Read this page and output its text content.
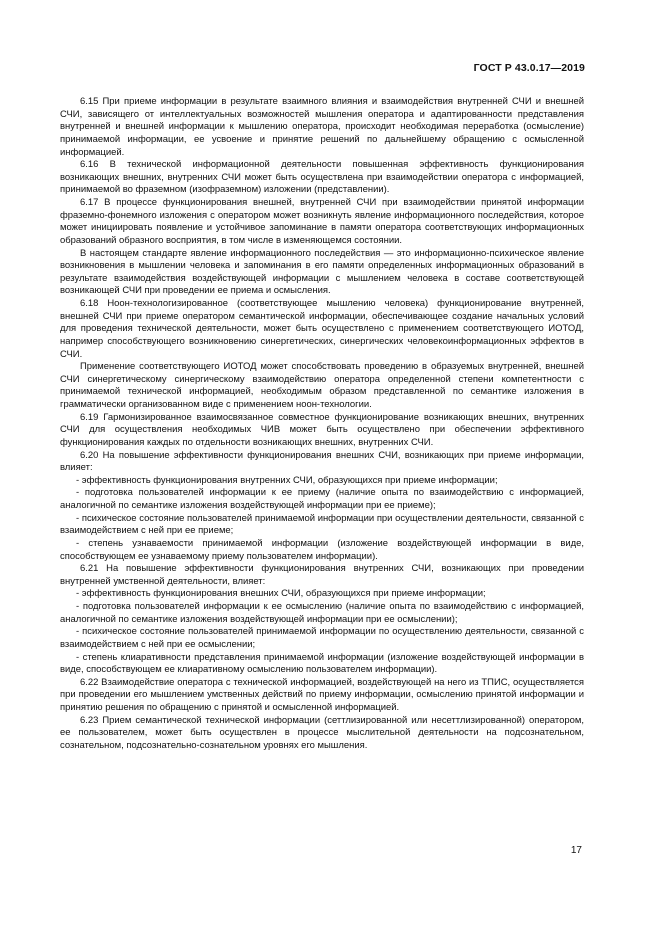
ГОСТ Р 43.0.17—2019

6.15 При приеме информации в результате взаимного влияния и взаимодействия внутренней СЧИ и внешней СЧИ, зависящего от интеллектуальных возможностей мышления оператора и адаптированности представления внутренней и внешней информации к мышлению оператора, происходит необходимая переработка (осмысление) принимаемой информации, ее усвоение и принятие решений по дальнейшему обращению с осмысленной информацией.

6.16 В технической информационной деятельности повышенная эффективность функционирования возникающих внешних, внутренних СЧИ может быть осуществлена при взаимодействии оператора с информацией, принимаемой во фраземном (изофраземном) изложении (представлении).

6.17 В процессе функционирования внешней, внутренней СЧИ при взаимодействии принятой информации фраземно-фонемного изложения с оператором может возникнуть явление информационного последействия, которое может инициировать появление и устойчивое запоминание в памяти оператора соответствующих информационных образований образного восприятия, в том числе в изменяющемся состоянии.

В настоящем стандарте явление информационного последействия — это информационно-психическое явление возникновения в мышлении человека и запоминания в его памяти определенных информационных образований в результате взаимодействия воздействующей информации с мышлением человека в составе соответствующей возникающей СЧИ при проведении ее приема и осмысления.

6.18 Ноон-технологизированное (соответствующее мышлению человека) функционирование внутренней, внешней СЧИ при приеме оператором семантической информации, обеспечивающее создание начальных условий для проведения технической деятельности, может быть осуществлено с применением соответствующего ИОТОД, например способствующего возникновению синергетических, синергических человекоинформационных эффектов в СЧИ.

Применение соответствующего ИОТОД может способствовать проведению в образуемых внутренней, внешней СЧИ синергетическому синергическому взаимодействию оператора определенной степени компетентности с принимаемой технической информацией, необходимым образом представленной по семантике изложения в грамматически организованном виде с применением ноон-технологии.

6.19 Гармонизированное взаимосвязанное совместное функционирование возникающих внешних, внутренних СЧИ для осуществления необходимых ЧИВ может быть осуществлено при обеспечении эффективного функционирования каждых по отдельности возникающих внешних, внутренних СЧИ.

6.20 На повышение эффективности функционирования внешних СЧИ, возникающих при приеме информации, влияет:

- эффективность функционирования внутренних СЧИ, образующихся при приеме информации;

- подготовка пользователей информации к ее приему (наличие опыта по взаимодействию с информацией, аналогичной по семантике изложения воздействующей информации при ее приеме);

- психическое состояние пользователей принимаемой информации при осуществлении деятельности, связанной с взаимодействием с ней при ее приеме;

- степень узнаваемости принимаемой информации (изложение воздействующей информации в виде, способствующем ее узнаваемому приему пользователем информации).

6.21 На повышение эффективности функционирования внутренних СЧИ, возникающих при проведении внутренней умственной деятельности, влияет:

- эффективность функционирования внешних СЧИ, образующихся при приеме информации;

- подготовка пользователей информации к ее осмыслению (наличие опыта по взаимодействию с информацией, аналогичной по семантике изложения воздействующей информации при ее осмыслении);

- психическое состояние пользователей принимаемой информации по осуществлению деятельности, связанной с взаимодействием с ней при ее осмыслении;

- степень клиаративности представления принимаемой информации (изложение воздействующей информации в виде, способствующем ее клиаративному осмыслению пользователем информации).

6.22 Взаимодействие оператора с технической информацией, воздействующей на него из ТПИС, осуществляется при проведении его мышлением умственных действий по приему информации, осмыслению принятой информации и принятию решения по обращению с принятой и осмысленной информацией.

6.23 Прием семантической технической информации (сеттлизированной или несеттлизированной) оператором, ее пользователем, может быть осуществлен в процессе мыслительной деятельности на подсознательном, сознательном, подсознательно-сознательном уровнях его мышления.

17
